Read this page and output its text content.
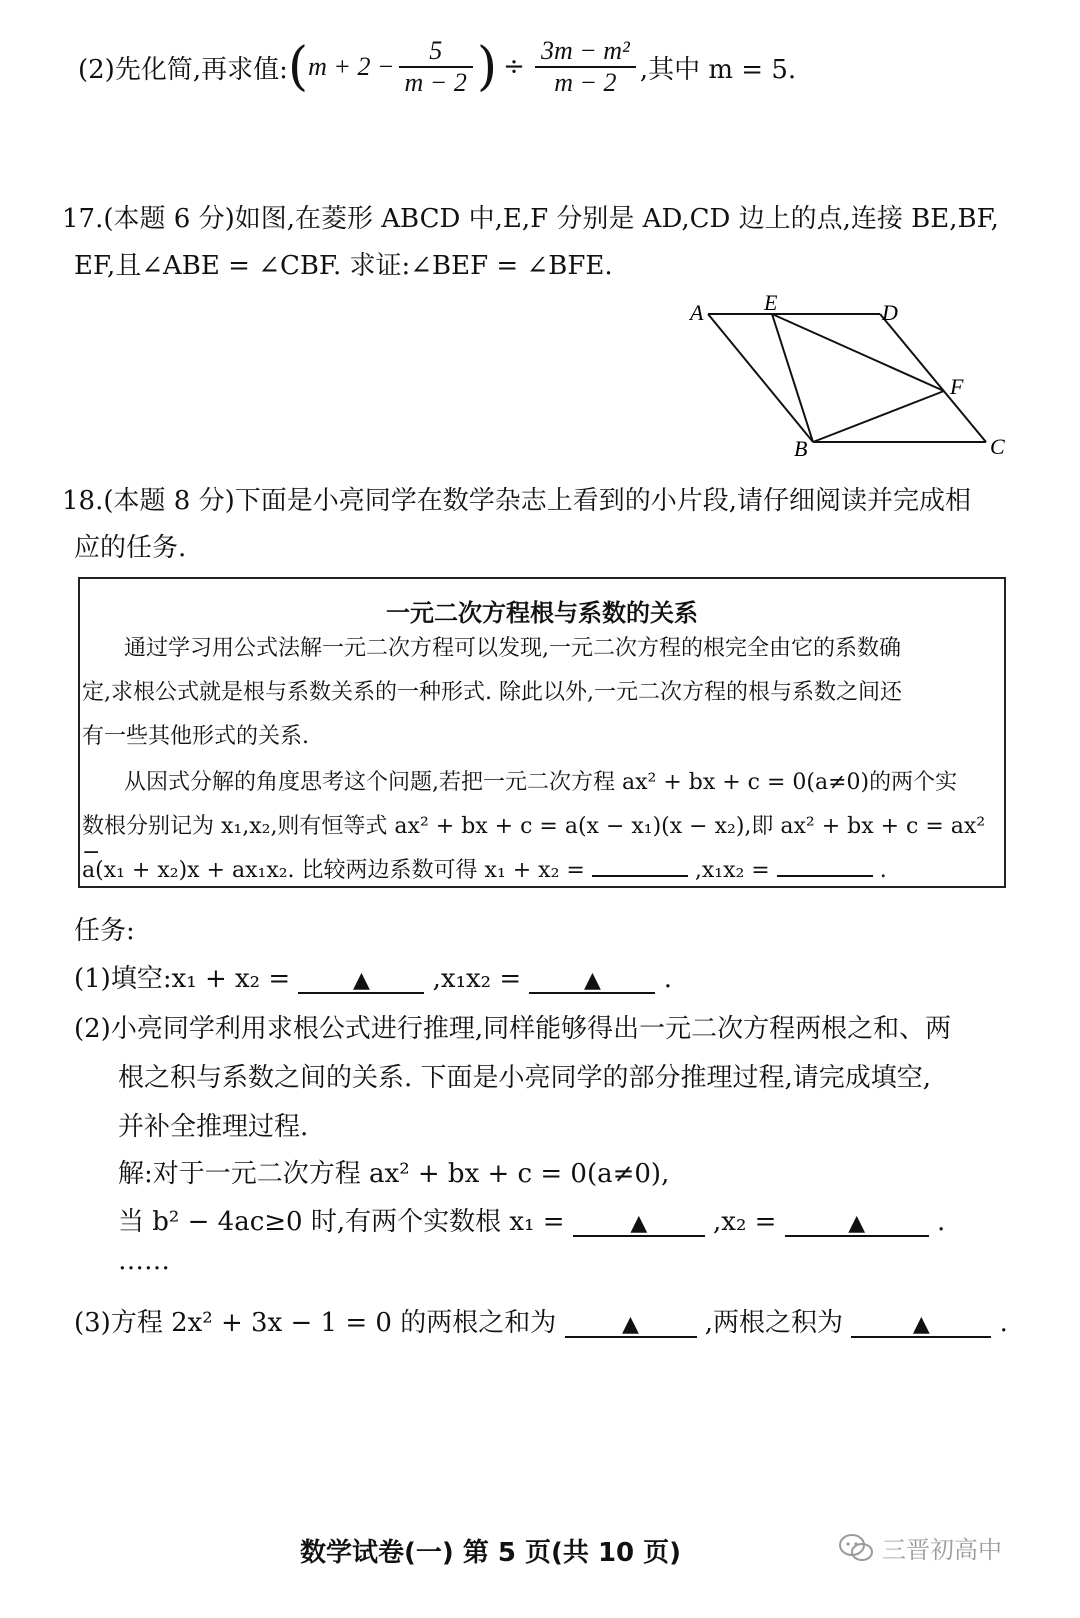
(2)先化简,再求值: ( $m + 2 - \frac{5}{m - 2}$ ) ÷ $\frac{\text{3m − m²}}{m - 2}$ ,其中 m = 5.
17.(本题 6 分)如图,在菱形 ABCD 中,E,F 分别是 AD,CD 边上的点,连接 BE,BF,
EF,且∠ABE = ∠CBF. 求证:∠BEF = ∠BFE.
A	E	D
F
B	C
18.(本题 8 分)下面是小亮同学在数学杂志上看到的小片段,请仔细阅读并完成相
应的任务.
一元二次方程根与系数的关系
通过学习用公式法解一元二次方程可以发现,一元二次方程的根完全由它的系数确
定,求根公式就是根与系数关系的一种形式. 除此以外,一元二次方程的根与系数之间还
有一些其他形式的关系.
从因式分解的角度思考这个问题,若把一元二次方程 ax² + bx + c = 0(a≠0)的两个实
数根分别记为 x₁,x₂,则有恒等式 ax² + bx + c = a(x − x₁)(x − x₂),即 ax² + bx + c = ax² −
a(x₁ + x₂)x + ax₁x₂. 比较两边系数可得 x₁ + x₂ =	,x₁x₂ =	.
任务:
(1)填空:x₁ + x₂ =	▲ ,x₁x₂ =	▲ .
(2)小亮同学利用求根公式进行推理,同样能够得出一元二次方程两根之和、两
根之积与系数之间的关系. 下面是小亮同学的部分推理过程,请完成填空,
并补全推理过程.
解:对于一元二次方程 ax² + bx + c = 0(a≠0),
当 b² − 4ac≥0 时,有两个实数根 x₁ =	▲	,x₂ =	▲	.
……
(3)方程 2x² + 3x − 1 = 0 的两根之和为	▲	,两根之积为	▲	.
数学试卷(一) 第 5 页(共 10 页)	三晋初高中
